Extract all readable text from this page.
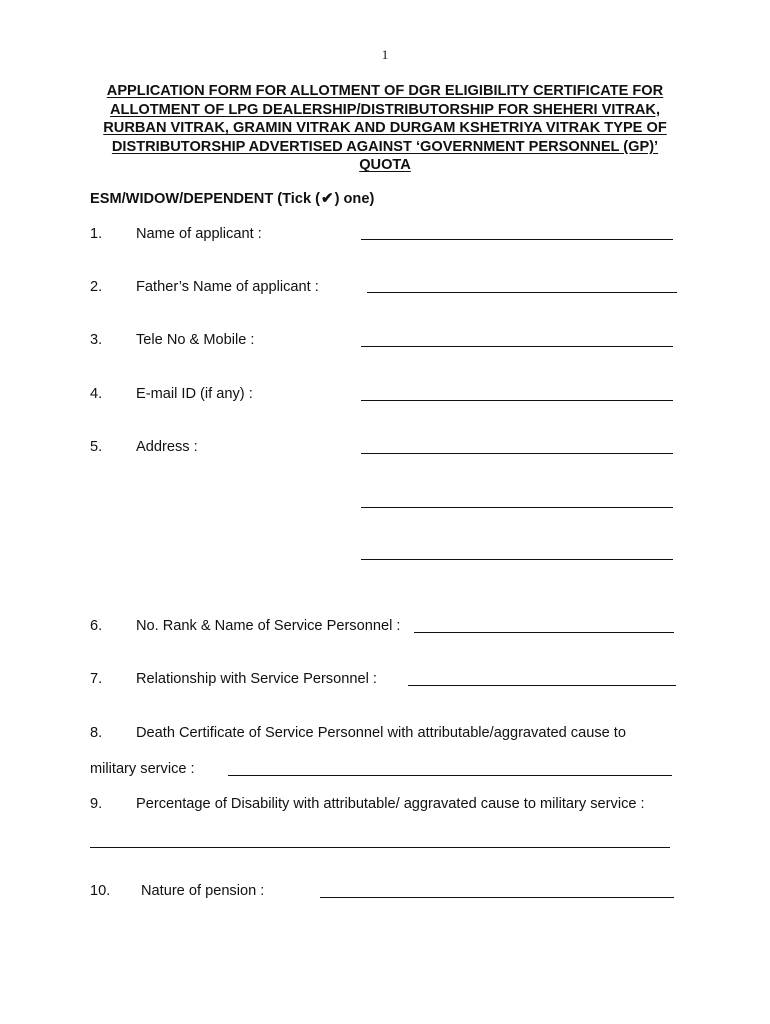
1
APPLICATION FORM FOR ALLOTMENT OF DGR ELIGIBILITY CERTIFICATE FOR
ALLOTMENT OF LPG DEALERSHIP/DISTRIBUTORSHIP FOR SHEHERI VITRAK,
RURBAN VITRAK, GRAMIN VITRAK AND DURGAM KSHETRIYA VITRAK TYPE OF
DISTRIBUTORSHIP ADVERTISED AGAINST ‘GOVERNMENT PERSONNEL (GP)’
QUOTA
ESM/WIDOW/DEPENDENT (Tick (✔) one)
1. Name of applicant :
2. Father’s Name of applicant :
3. Tele No & Mobile :
4. E-mail ID (if any) :
5. Address :
6. No. Rank & Name of Service Personnel :
7. Relationship with Service Personnel :
8. Death Certificate of Service Personnel with attributable/aggravated cause to
military service :
9. Percentage of Disability with attributable/ aggravated cause to military service :
10. Nature of pension :
